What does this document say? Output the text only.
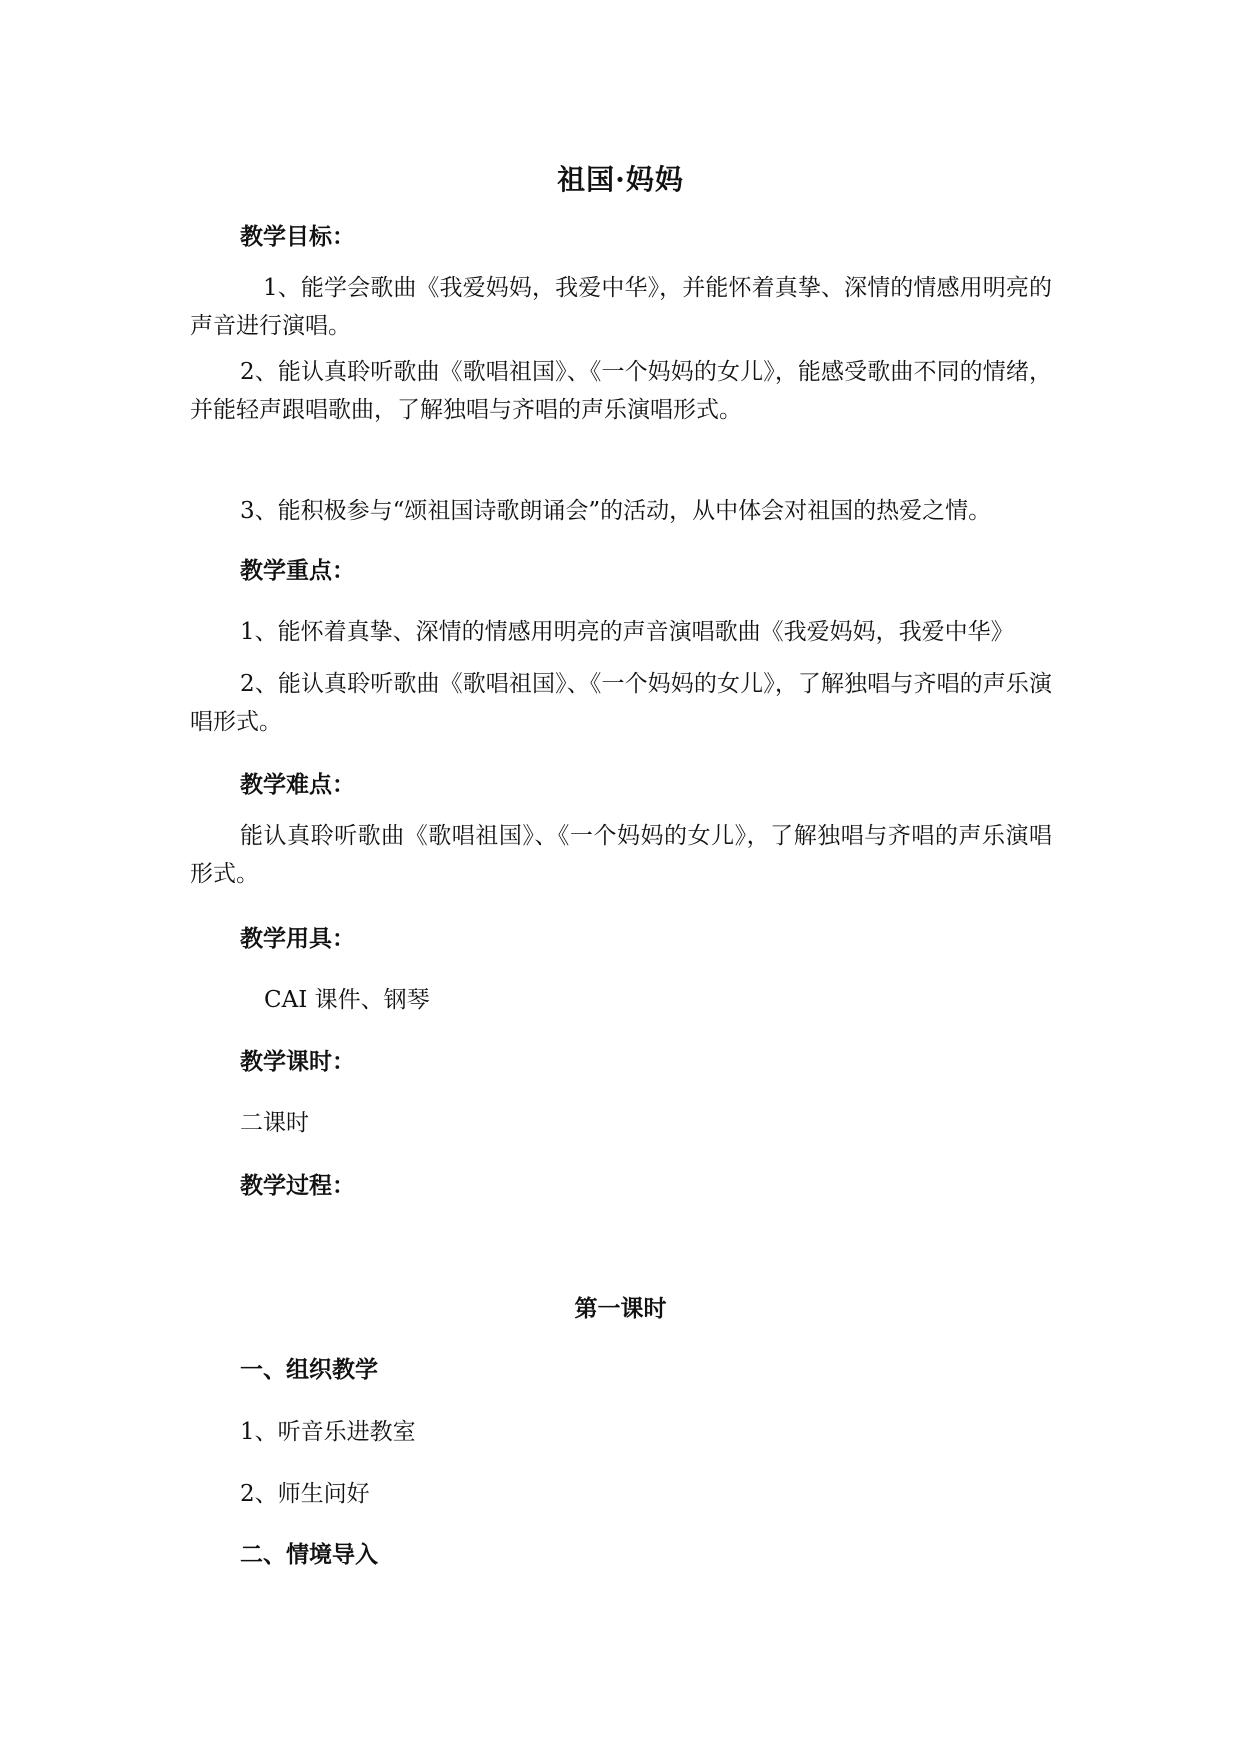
祖国·妈妈
教学目标：
1、能学会歌曲《我爱妈妈，我爱中华》，并能怀着真挚、深情的情感用明亮的声音进行演唱。
2、能认真聆听歌曲《歌唱祖国》、《一个妈妈的女儿》，能感受歌曲不同的情绪，并能轻声跟唱歌曲，了解独唱与齐唱的声乐演唱形式。
3、能积极参与“颂祖国诗歌朗诵会”的活动，从中体会对祖国的热爱之情。
教学重点：
1、能怀着真挚、深情的情感用明亮的声音演唱歌曲《我爱妈妈，我爱中华》
2、能认真聆听歌曲《歌唱祖国》、《一个妈妈的女儿》，了解独唱与齐唱的声乐演唱形式。
教学难点：
能认真聆听歌曲《歌唱祖国》、《一个妈妈的女儿》，了解独唱与齐唱的声乐演唱形式。
教学用具：
CAI 课件、钢琴
教学课时：
二课时
教学过程：
第一课时
一、组织教学
1、听音乐进教室
2、师生问好
二、情境导入
